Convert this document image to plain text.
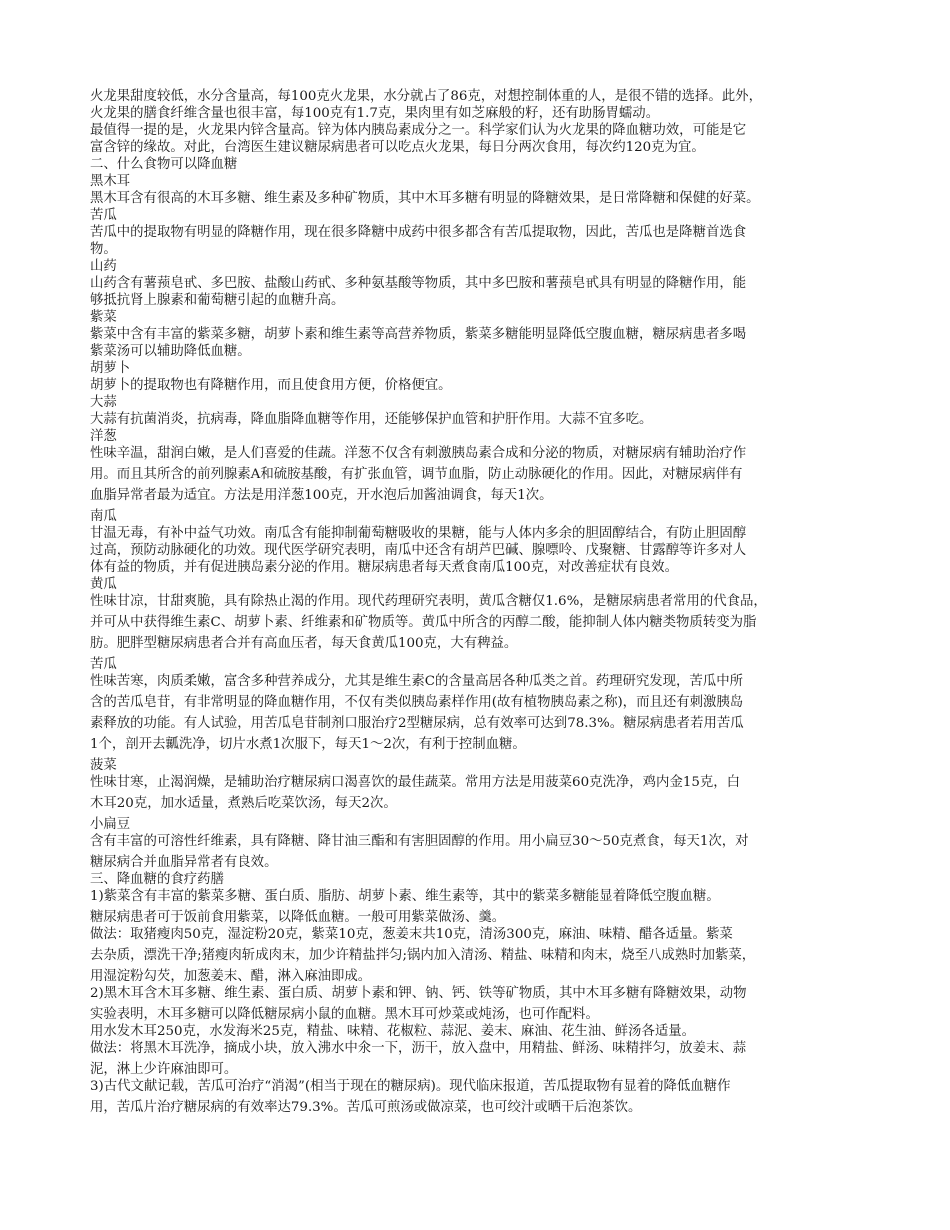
火龙果甜度较低，水分含量高，每100克火龙果，水分就占了86克，对想控制体重的人，是很不错的选择。此外，
火龙果的膳食纤维含量也很丰富，每100克有1.7克，果肉里有如芝麻般的籽，还有助肠胃蠕动。
最值得一提的是，火龙果内锌含量高。锌为体内胰岛素成分之一。科学家们认为火龙果的降血糖功效，可能是它
富含锌的缘故。对此，台湾医生建议糖尿病患者可以吃点火龙果，每日分两次食用，每次约120克为宜。
二、什么食物可以降血糖
黑木耳
黑木耳含有很高的木耳多糖、维生素及多种矿物质，其中木耳多糖有明显的降糖效果，是日常降糖和保健的好菜。
苦瓜
苦瓜中的提取物有明显的降糖作用，现在很多降糖中成药中很多都含有苦瓜提取物，因此，苦瓜也是降糖首选食
物。
山药
山药含有薯蓣皂甙、多巴胺、盐酸山药甙、多种氨基酸等物质，其中多巴胺和薯蓣皂甙具有明显的降糖作用，能
够抵抗肾上腺素和葡萄糖引起的血糖升高。
紫菜
紫菜中含有丰富的紫菜多糖，胡萝卜素和维生素等高营养物质，紫菜多糖能明显降低空腹血糖，糖尿病患者多喝
紫菜汤可以辅助降低血糖。
胡萝卜
胡萝卜的提取物也有降糖作用，而且使食用方便，价格便宜。
大蒜
大蒜有抗菌消炎，抗病毒，降血脂降血糖等作用，还能够保护血管和护肝作用。大蒜不宜多吃。
洋葱
性味辛温，甜润白嫩，是人们喜爱的佳蔬。洋葱不仅含有刺激胰岛素合成和分泌的物质，对糖尿病有辅助治疗作
用。而且其所含的前列腺素A和硫胺基酸，有扩张血管，调节血脂，防止动脉硬化的作用。因此，对糖尿病伴有
血脂异常者最为适宜。方法是用洋葱100克，开水泡后加酱油调食，每天1次。
南瓜
甘温无毒，有补中益气功效。南瓜含有能抑制葡萄糖吸收的果糖，能与人体内多余的胆固醇结合，有防止胆固醇
过高，预防动脉硬化的功效。现代医学研究表明，南瓜中还含有胡芦巴碱、腺嘌呤、戊聚糖、甘露醇等许多对人
体有益的物质，并有促进胰岛素分泌的作用。糖尿病患者每天煮食南瓜100克，对改善症状有良效。
黄瓜
性味甘凉，甘甜爽脆，具有除热止渴的作用。现代药理研究表明，黄瓜含糖仅1.6%，是糖尿病患者常用的代食品，
并可从中获得维生素C、胡萝卜素、纤维素和矿物质等。黄瓜中所含的丙醇二酸，能抑制人体内糖类物质转变为脂
肪。肥胖型糖尿病患者合并有高血压者，每天食黄瓜100克，大有稗益。
苦瓜
性味苦寒，肉质柔嫩，富含多种营养成分，尤其是维生素C的含量高居各种瓜类之首。药理研究发现，苦瓜中所
含的苦瓜皂苷，有非常明显的降血糖作用，不仅有类似胰岛素样作用(故有植物胰岛素之称)，而且还有刺激胰岛
素释放的功能。有人试验，用苦瓜皂苷制剂口服治疗2型糖尿病，总有效率可达到78.3%。糖尿病患者若用苦瓜
1个，剖开去瓤洗净，切片水煮1次服下，每天1～2次，有利于控制血糖。
菠菜
性味甘寒，止渴润燥，是辅助治疗糖尿病口渴喜饮的最佳蔬菜。常用方法是用菠菜60克洗净，鸡内金15克，白
木耳20克，加水适量，煮熟后吃菜饮汤，每天2次。
小扁豆
含有丰富的可溶性纤维素，具有降糖、降甘油三酯和有害胆固醇的作用。用小扁豆30～50克煮食，每天1次，对
糖尿病合并血脂异常者有良效。
三、降血糖的食疗药膳
1)紫菜含有丰富的紫菜多糖、蛋白质、脂肪、胡萝卜素、维生素等，其中的紫菜多糖能显着降低空腹血糖。
糖尿病患者可于饭前食用紫菜，以降低血糖。一般可用紫菜做汤、羹。
做法：取猪瘦肉50克，湿淀粉20克，紫菜10克，葱姜末共10克，清汤300克，麻油、味精、醋各适量。紫菜
去杂质，漂洗干净;猪瘦肉斩成肉末，加少许精盐拌匀;锅内加入清汤、精盐、味精和肉末，烧至八成熟时加紫菜，
用湿淀粉勾芡，加葱姜末、醋，淋入麻油即成。
2)黑木耳含木耳多糖、维生素、蛋白质、胡萝卜素和钾、钠、钙、铁等矿物质，其中木耳多糖有降糖效果，动物
实验表明，木耳多糖可以降低糖尿病小鼠的血糖。黑木耳可炒菜或炖汤，也可作配料。
用水发木耳250克，水发海米25克，精盐、味精、花椒粒、蒜泥、姜末、麻油、花生油、鲜汤各适量。
做法：将黑木耳洗净，摘成小块，放入沸水中氽一下，沥干，放入盘中，用精盐、鲜汤、味精拌匀，放姜末、蒜
泥，淋上少许麻油即可。
3)古代文献记载，苦瓜可治疗“消渴”(相当于现在的糖尿病)。现代临床报道，苦瓜提取物有显着的降低血糖作
用，苦瓜片治疗糖尿病的有效率达79.3%。苦瓜可煎汤或做凉菜，也可绞汁或晒干后泡茶饮。
